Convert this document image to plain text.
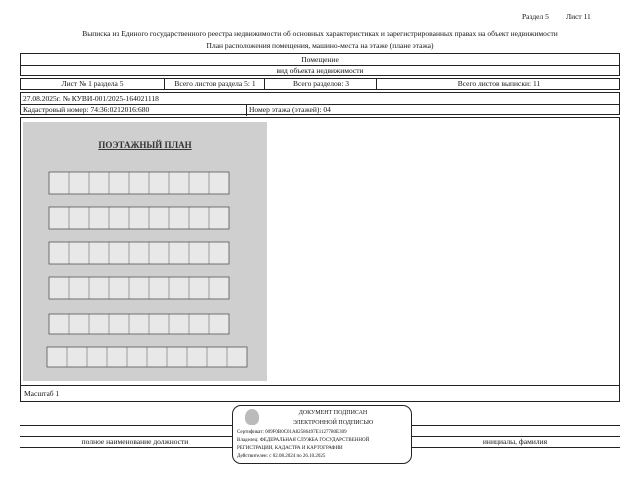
Раздел 5 Лист 11
Выписка из Единого государственного реестра недвижимости об основных характеристиках и зарегистрированных правах на объект недвижимости
План расположения помещения, машино-места на этаже (плане этажа)
Помещение
вид объекта недвижимости
Лист № 1 раздела 5	Всего листов раздела 5: 1	Всего разделов: 3	Всего листов выписки: 11
27.08.2025г. № КУВИ-001/2025-164021118
Кадастровый номер: 74:36:0212016:680	Номер этажа (этажей): 04
ПОЭТАЖНЫЙ ПЛАН
Масштаб 1
полное наименование должности	инициалы, фамилия
ДОКУМЕНТ ПОДПИСАН
ЭЛЕКТРОННОЙ ПОДПИСЬЮ
Сертификат: 009F0B0C01A82586497E1127780E309
Владелец: ФЕДЕРАЛЬНАЯ СЛУЖБА ГОСУДАРСТВЕННОЙ
РЕГИСТРАЦИИ, КАДАСТРА И КАРТОГРАФИИ
Действителен: с 02.08.2024 по 26.10.2025
